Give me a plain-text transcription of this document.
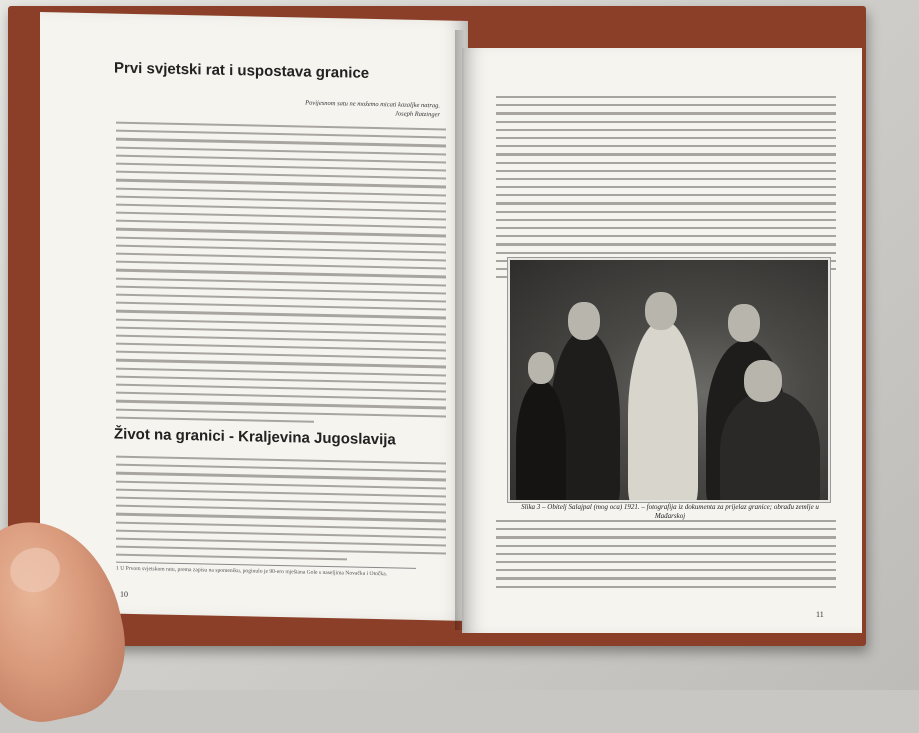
Prvi svjetski rat i uspostava granice
Povijesnom satu ne možemo micati kazaljke natrag.
Joseph Ratzinger
Život na granici - Kraljevina Jugoslavija
1 U Prvom svjetskom ratu, prema zapisu na spomeniku, poginulo je 90-ero mještana Gole s naseljima Novačka i Otočka.
10
11
Slika 3 – Obitelj Salajpal (mog oca) 1921. – fotografija iz dokumenta za prijelaz granice; obrađu zemlje u Mađarskoj
